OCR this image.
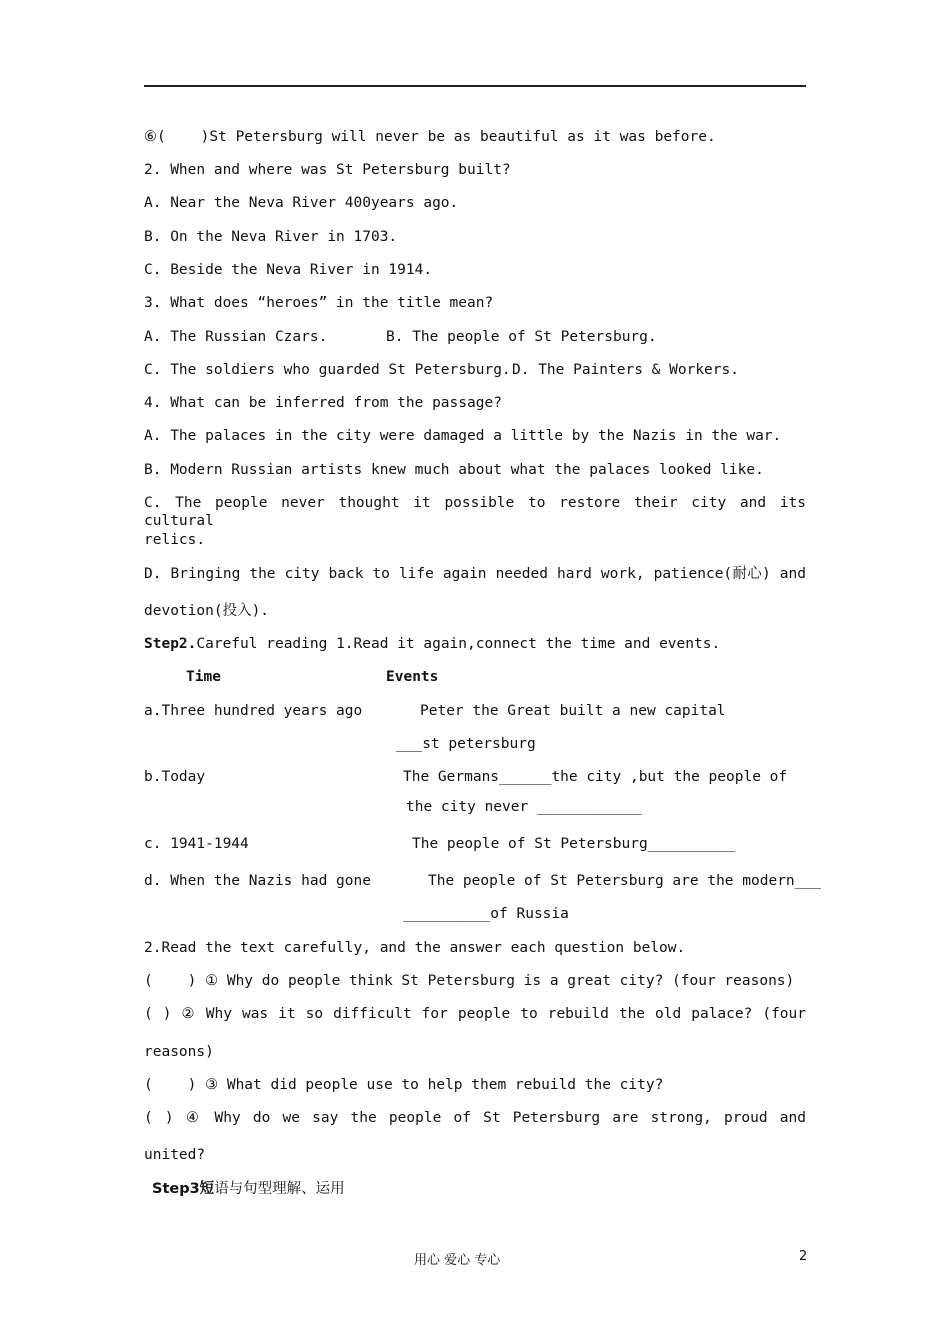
⑥(    )St Petersburg will never be as beautiful as it was before.
2. When and where was St Petersburg built?
A. Near the Neva River 400years ago.
B. On the Neva River in 1703.
C. Beside the Neva River in 1914.
3. What does “heroes” in the title mean?
A. The Russian Czars.	B. The people of St Petersburg.
C. The soldiers who guarded St Petersburg. D. The Painters & Workers.
4. What can be inferred from the passage?
A. The palaces in the city were damaged a little by the Nazis in the war.
B. Modern Russian artists knew much about what the palaces looked like.
C. The people never thought it possible to restore their city and its cultural
relics.
D. Bringing the city back to life again needed hard work, patience(耐心) and
devotion(投入).
Step2.Careful reading 1.Read it again,connect the time and events.
Time	Events
a.Three hundred years ago	Peter the Great built a new capital
___st petersburg
b.Today	The Germans______the city ,but the people of
the city never ____________
c. 1941-1944	The people of St Petersburg__________
d. When the Nazis had gone	The people of St Petersburg are the modern___
__________of Russia
2.Read the text carefully, and the answer each question below.
(    ) ① Why do people think St Petersburg is a great city? (four reasons)
( ) ② Why was it so difficult for people to rebuild the old palace? (four
reasons)
(    ) ③ What did people use to help them rebuild the city?
( ) ④ Why do we say the people of St Petersburg are strong, proud and
united?
Step3短语与句型理解、运用
用心 爱心 专心	2
